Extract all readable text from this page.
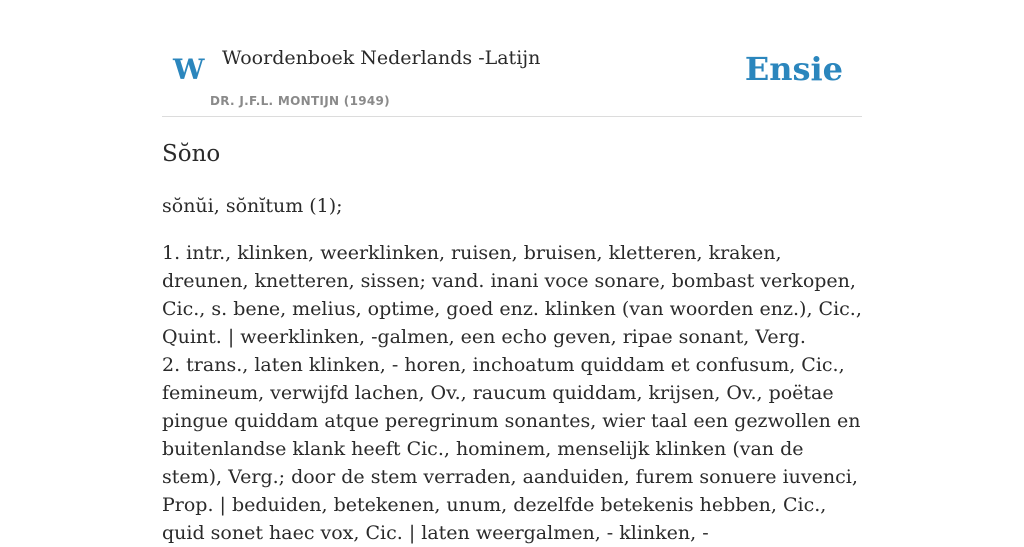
W Woordenboek Nederlands -Latijn
DR. J.F.L. MONTIJN (1949)
Ensie
Sŏno

sŏnŭi, sŏnĭtum (1);

1. intr., klinken, weerklinken, ruisen, bruisen, kletteren, kraken, dreunen, knetteren, sissen; vand. inani voce sonare, bombast verkopen, Cic., s. bene, melius, optime, goed enz. klinken (van woorden enz.), Cic., Quint. | weerklinken, -galmen, een echo geven, ripae sonant, Verg.

2. trans., laten klinken, - horen, inchoatum quiddam et confusum, Cic., femineum, verwijfd lachen, Ov., raucum quiddam, krijsen, Ov., poëtae pingue quiddam atque peregrinum sonantes, wier taal een gezwollen en buitenlandse klank heeft Cic., hominem, menselijk klinken (van de stem), Verg.; door de stem verraden, aanduiden, furem sonuere iuvenci, Prop. | beduiden, betekenen, unum, dezelfde betekenis hebben, Cic., quid sonet haec vox, Cic. | laten weergalmen, - klinken, -
